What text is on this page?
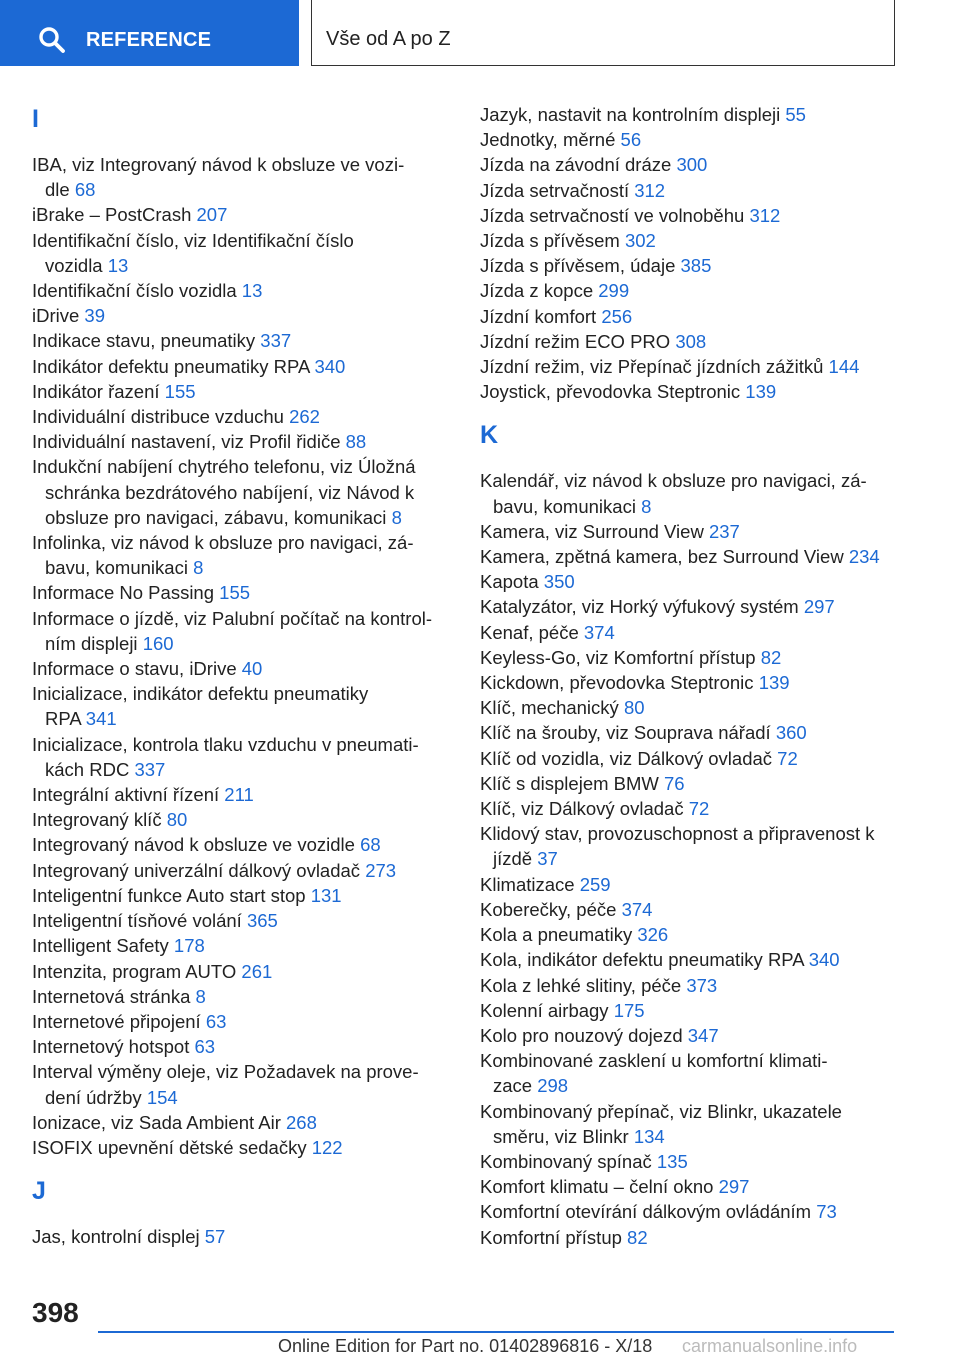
REFERENCE	Vše od A po Z
I
IBA, viz Integrovaný návod k obsluze ve vozi-
dle 68
iBrake – PostCrash 207
Identifikační číslo, viz Identifikační číslo
vozidla 13
Identifikační číslo vozidla 13
iDrive 39
Indikace stavu, pneumatiky 337
Indikátor defektu pneumatiky RPA 340
Indikátor řazení 155
Individuální distribuce vzduchu 262
Individuální nastavení, viz Profil řidiče 88
Indukční nabíjení chytrého telefonu, viz Úložná
schránka bezdrátového nabíjení, viz Návod k
obsluze pro navigaci, zábavu, komunikaci 8
Infolinka, viz návod k obsluze pro navigaci, zá-
bavu, komunikaci 8
Informace No Passing 155
Informace o jízdě, viz Palubní počítač na kontrol-
ním displeji 160
Informace o stavu, iDrive 40
Inicializace, indikátor defektu pneumatiky
RPA 341
Inicializace, kontrola tlaku vzduchu v pneumati-
kách RDC 337
Integrální aktivní řízení 211
Integrovaný klíč 80
Integrovaný návod k obsluze ve vozidle 68
Integrovaný univerzální dálkový ovladač 273
Inteligentní funkce Auto start stop 131
Inteligentní tísňové volání 365
Intelligent Safety 178
Intenzita, program AUTO 261
Internetová stránka 8
Internetové připojení 63
Internetový hotspot 63
Interval výměny oleje, viz Požadavek na prove-
dení údržby 154
Ionizace, viz Sada Ambient Air 268
ISOFIX upevnění dětské sedačky 122
J
Jas, kontrolní displej 57
Jazyk, nastavit na kontrolním displeji 55
Jednotky, měrné 56
Jízda na závodní dráze 300
Jízda setrvačností 312
Jízda setrvačností ve volnoběhu 312
Jízda s přívěsem 302
Jízda s přívěsem, údaje 385
Jízda z kopce 299
Jízdní komfort 256
Jízdní režim ECO PRO 308
Jízdní režim, viz Přepínač jízdních zážitků 144
Joystick, převodovka Steptronic 139
K
Kalendář, viz návod k obsluze pro navigaci, zá-
bavu, komunikaci 8
Kamera, viz Surround View 237
Kamera, zpětná kamera, bez Surround View 234
Kapota 350
Katalyzátor, viz Horký výfukový systém 297
Kenaf, péče 374
Keyless-Go, viz Komfortní přístup 82
Kickdown, převodovka Steptronic 139
Klíč, mechanický 80
Klíč na šrouby, viz Souprava nářadí 360
Klíč od vozidla, viz Dálkový ovladač 72
Klíč s displejem BMW 76
Klíč, viz Dálkový ovladač 72
Klidový stav, provozuschopnost a připravenost k
jízdě 37
Klimatizace 259
Koberečky, péče 374
Kola a pneumatiky 326
Kola, indikátor defektu pneumatiky RPA 340
Kola z lehké slitiny, péče 373
Kolenní airbagy 175
Kolo pro nouzový dojezd 347
Kombinované zasklení u komfortní klimati-
zace 298
Kombinovaný přepínač, viz Blinkr, ukazatele
směru, viz Blinkr 134
Kombinovaný spínač 135
Komfort klimatu – čelní okno 297
Komfortní otevírání dálkovým ovládáním 73
Komfortní přístup 82
398
Online Edition for Part no. 01402896816 - X/18 carmanualsonline.info
